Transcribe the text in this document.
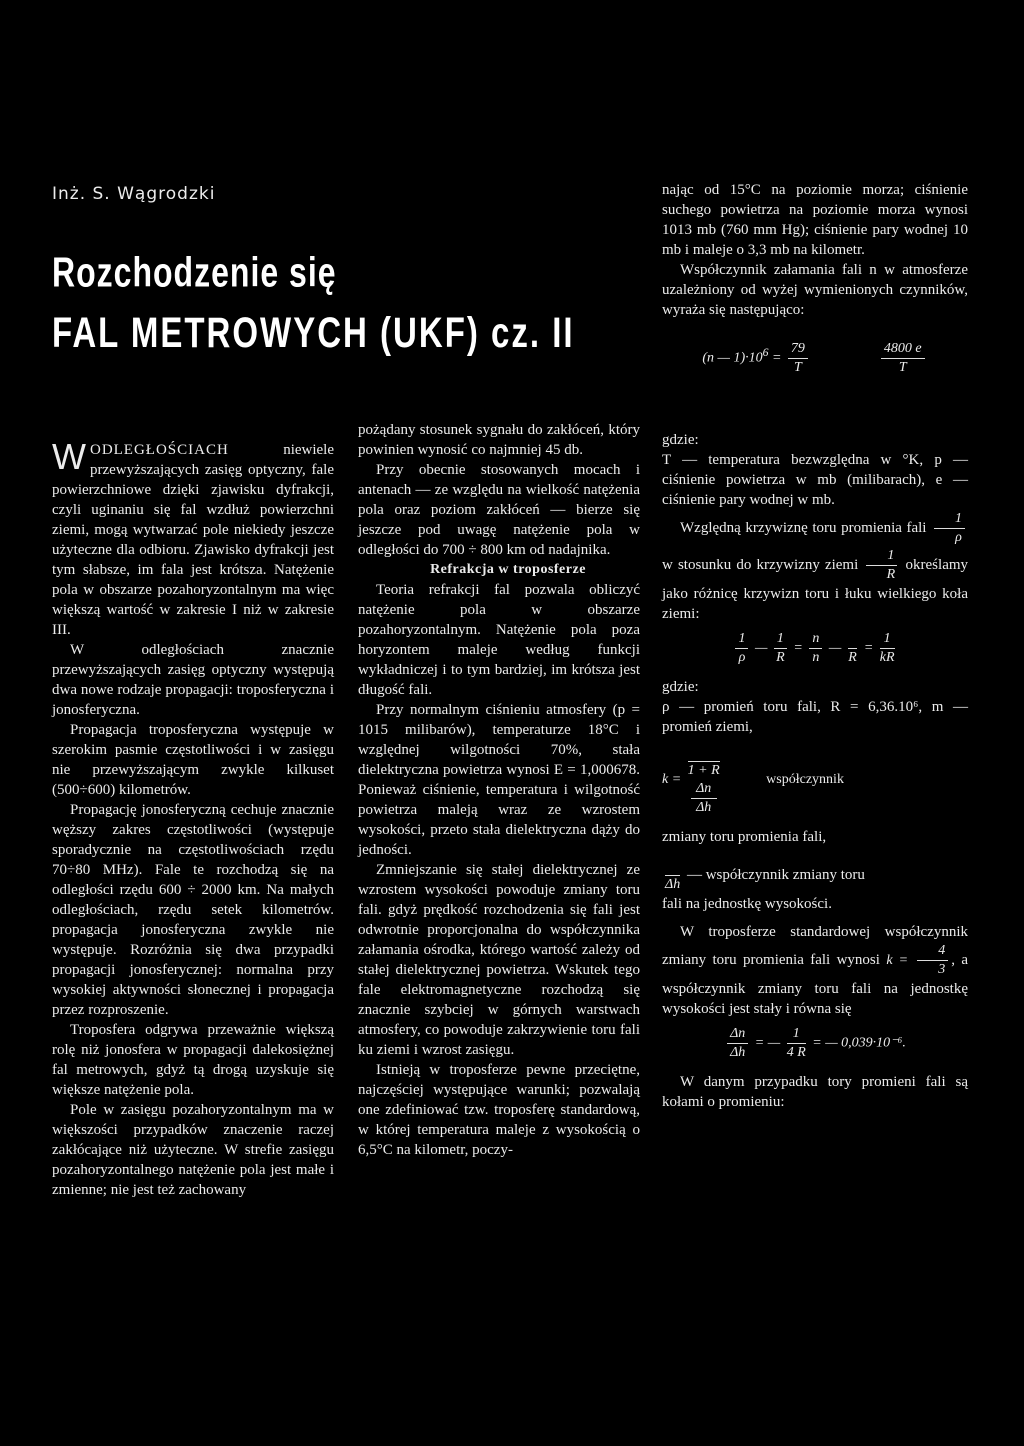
Inż. S. Wągrodzki
Rozchodzenie się
FAL METROWYCH (UKF) cz. II

WODLEGŁOŚCIACH niewiele przewyższających zasięg optyczny, fale powierzchniowe dzięki zjawisku dyfrakcji, czyli uginaniu się fal wzdłuż powierzchni ziemi, mogą wytwarzać pole niekiedy jeszcze użyteczne dla odbioru. Zjawisko dyfrakcji jest tym słabsze, im fala jest krótsza. Natężenie pola w obszarze pozahoryzontalnym ma więc większą wartość w zakresie I niż w zakresie III.

W odległościach znacznie przewyższających zasięg optyczny występują dwa nowe rodzaje propagacji: troposferyczna i jonosferyczna.

Propagacja troposferyczna występuje w szerokim pasmie częstotliwości i w zasięgu nie przewyższającym zwykle kilkuset (500÷600) kilometrów.

Propagację jonosferyczną cechuje znacznie węższy zakres częstotliwości (występuje sporadycznie na częstotliwościach rzędu 70÷80 MHz). Fale te rozchodzą się na odległości rzędu 600 ÷ 2000 km. Na małych odległościach, rzędu setek kilometrów. propagacja jonosferyczna zwykle nie występuje. Rozróżnia się dwa przypadki propagacji jonosferycznej: normalna przy wysokiej aktywności słonecznej i propagacja przez rozproszenie.

Troposfera odgrywa przeważnie większą rolę niż jonosfera w propagacji dalekosiężnej fal metrowych, gdyż tą drogą uzyskuje się większe natężenie pola.

Pole w zasięgu pozahoryzontalnym ma w większości przypadków znaczenie raczej zakłócające niż użyteczne. W strefie zasięgu pozahoryzontalnego natężenie pola jest małe i zmienne; nie jest też zachowany

pożądany stosunek sygnału do zakłóceń, który powinien wynosić co najmniej 45 db.

Przy obecnie stosowanych mocach i antenach — ze względu na wielkość natężenia pola oraz poziom zakłóceń — bierze się jeszcze pod uwagę natężenie pola w odległości do 700 ÷ 800 km od nadajnika.

Refrakcja w troposferze

Teoria refrakcji fal pozwala obliczyć natężenie pola w obszarze pozahoryzontalnym. Natężenie pola poza horyzontem maleje według funkcji wykładniczej i to tym bardziej, im krótsza jest długość fali.

Przy normalnym ciśnieniu atmosfery (p = 1015 milibarów), temperaturze 18°C i względnej wilgotności 70%, stała dielektryczna powietrza wynosi E = 1,000678. Ponieważ ciśnienie, temperatura i wilgotność powietrza maleją wraz ze wzrostem wysokości, przeto stała dielektryczna dąży do jedności.

Zmniejszanie się stałej dielektrycznej ze wzrostem wysokości powoduje zmiany toru fali. gdyż prędkość rozchodzenia się fali jest odwrotnie proporcjonalna do współczynnika załamania ośrodka, którego wartość zależy od stałej dielektrycznej powietrza. Wskutek tego fale elektromagnetyczne rozchodzą się znacznie szybciej w górnych warstwach atmosfery, co powoduje zakrzywienie toru fali ku ziemi i wzrost zasięgu.

Istnieją w troposferze pewne przeciętne, najczęściej występujące warunki; pozwalają one zdefiniować tzw. troposferę standardową, w której temperatura maleje z wysokością o 6,5°C na kilometr, poczy-

nając od 15°C na poziomie morza; ciśnienie suchego powietrza na poziomie morza wynosi 1013 mb (760 mm Hg); ciśnienie pary wodnej 10 mb i maleje o 3,3 mb na kilometr.

Współczynnik załamania fali n w atmosferze uzależniony od wyżej wymienionych czynników, wyraża się następująco:

(n — $1)\cdot 10^6 = \frac{79}{T}$
	$\frac{4800 e}{T}$

gdzie:

T — temperatura bezwzględna w °K, p — ciśnienie powietrza w mb (milibarach), e — ciśnienie pary wodnej w mb.

Względną krzywiznę toru promienia fali $\frac{1}{\rho}$
w stosunku do krzywizny ziemi $\frac{1}{R}$ określamy jako różnicę krzywizn toru i łuku wielkiego koła ziemi:

$\frac{1}{\rho}$ — $\frac{1}{R} = \frac{n}{n}$ —

R
= $\frac{1}{kR}$

gdzie:

ρ — promień toru fali, R = 6,36.10⁶, m — promień ziemi,

k =

1 + R
Δn
Δh
współczynnik

zmiany toru promienia fali,

Δh
— współczynnik zmiany toru

fali na jednostkę wysokości.

W troposferze standardowej współczynnik zmiany toru promienia fali wynosi $k = \frac{4}{3}$ , a współczynnik zmiany toru fali na jednostkę wysokości jest stały i równa się

$\frac{\Delta n}{\Delta h}$ = — $\frac{1}{4 R}$ = — 0,039·10⁻⁶.

W danym przypadku tory promieni fali są kołami o promieniu:
